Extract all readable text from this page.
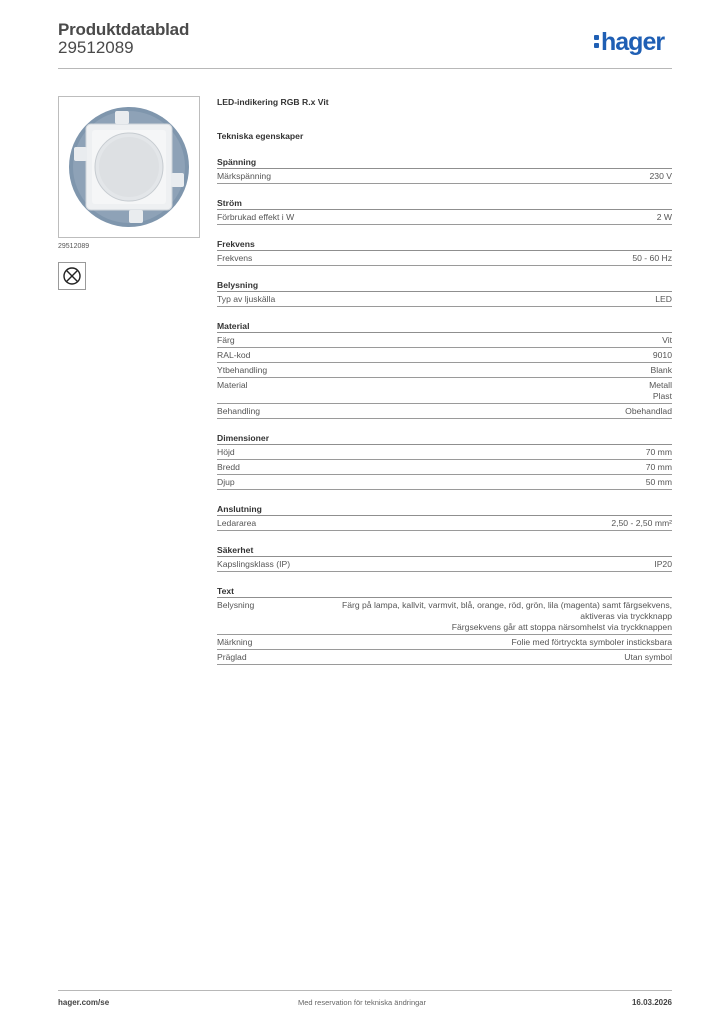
Produktdatablad
29512089	hager
29512089
LED-indikering RGB R.x Vit
Tekniska egenskaper
Spänning
Märkspänning	230 V
Ström
Förbrukad effekt i W	2 W
Frekvens
Frekvens	50 - 60 Hz
Belysning
Typ av ljuskälla	LED
Material
Färg	Vit
RAL-kod	9010
Ytbehandling	Blank
Material	Metall
Plast
Behandling	Obehandlad
Dimensioner
Höjd	70 mm
Bredd	70 mm
Djup	50 mm
Anslutning
Ledararea	2,50 - 2,50 mm²
Säkerhet
Kapslingsklass (IP)	IP20
Text
Belysning	Färg på lampa, kallvit, varmvit, blå, orange, röd, grön, lila (magenta) samt färgsekvens,
aktiveras via tryckknapp
Färgsekvens går att stoppa närsomhelst via tryckknappen
Märkning	Folie med förtryckta symboler insticksbara
Präglad	Utan symbol
hager.com/se	Med reservation för tekniska ändringar	16.03.2026
